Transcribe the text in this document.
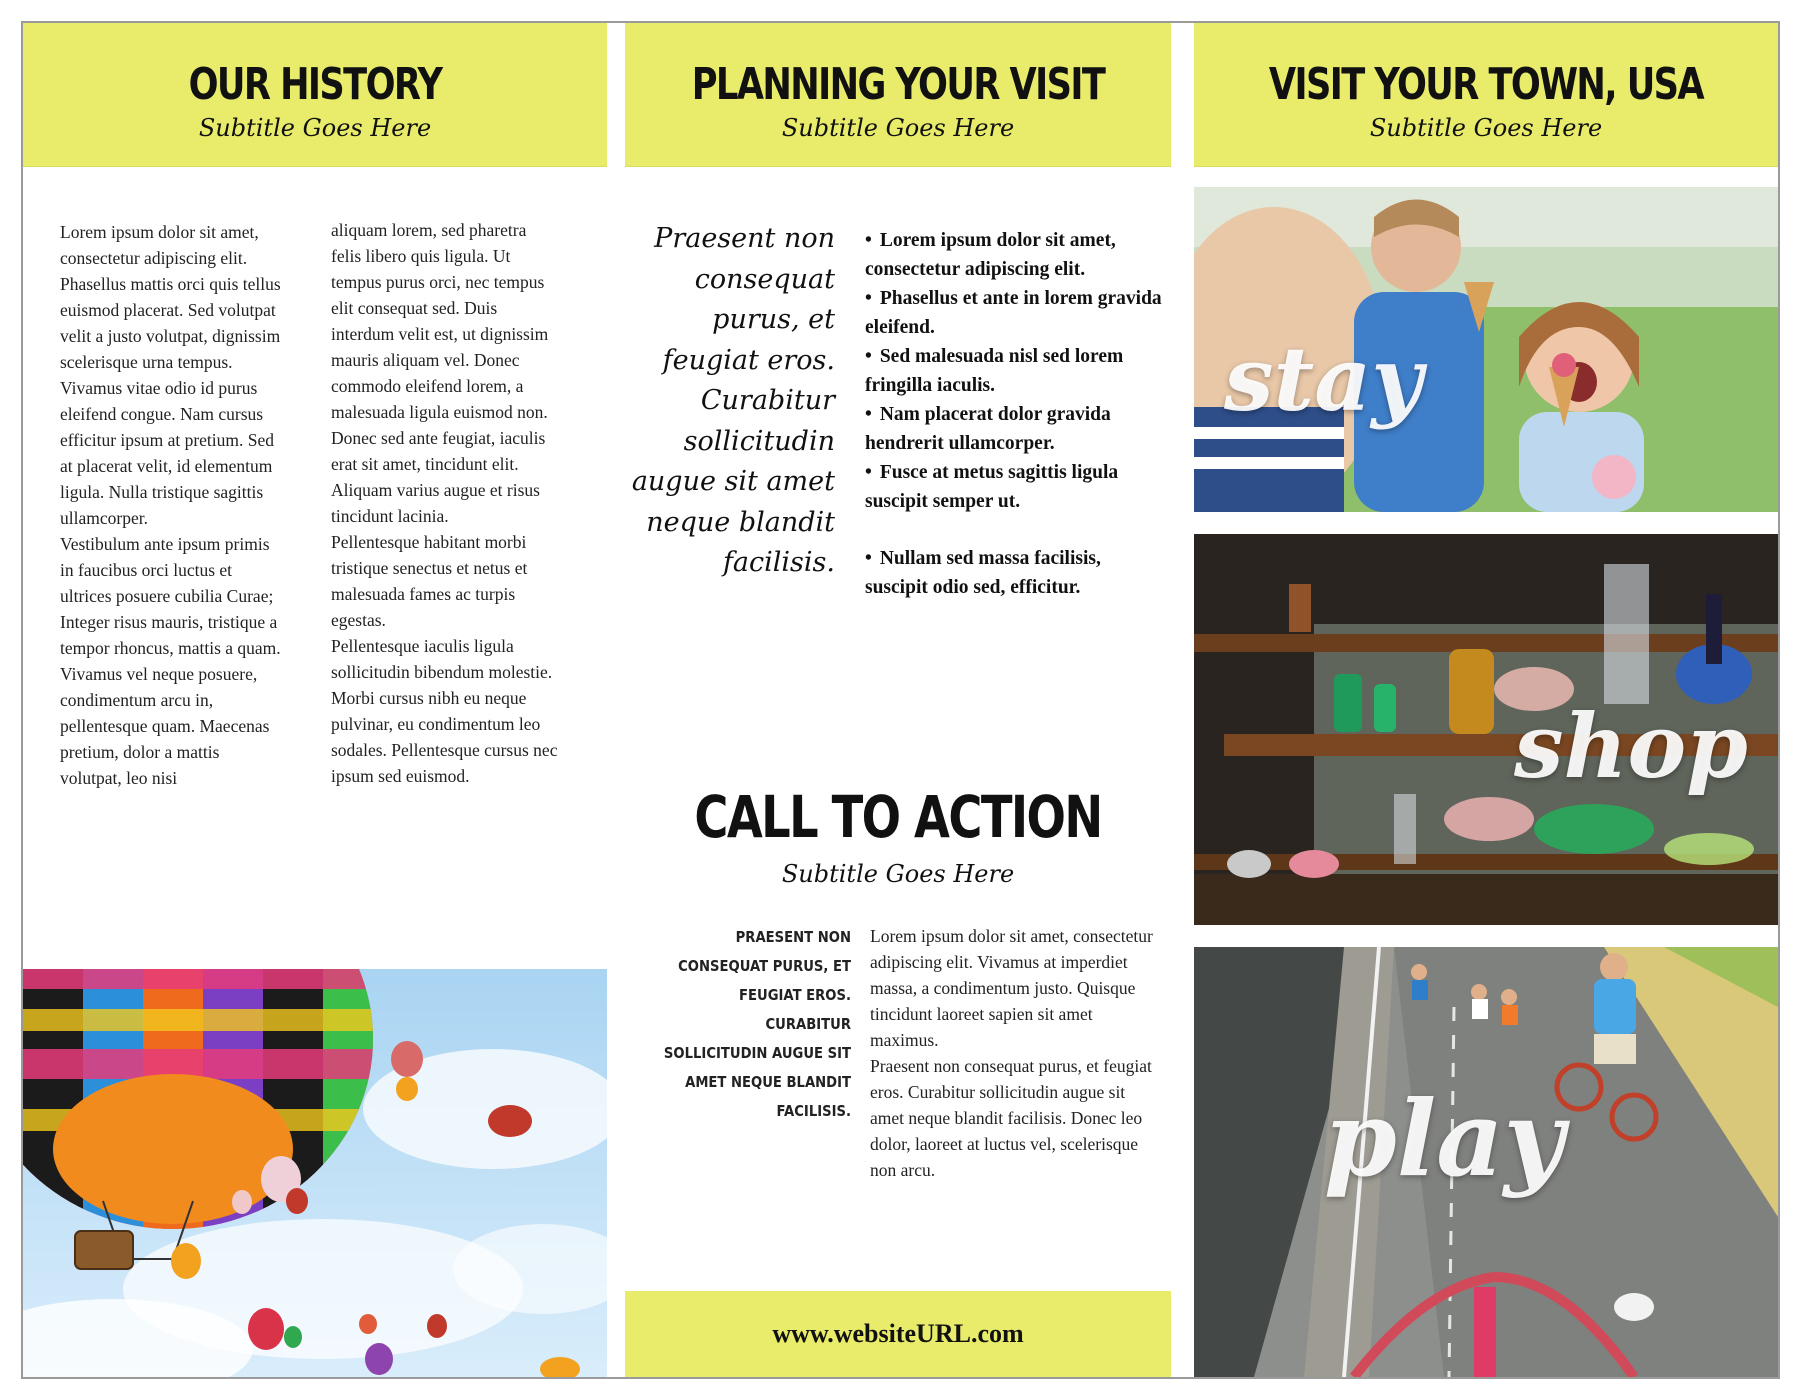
OUR HISTORY
Subtitle Goes Here

Lorem ipsum dolor sit amet, consectetur adipiscing elit. Phasellus mattis orci quis tellus euismod placerat. Sed volutpat velit a justo volutpat, dignissim scelerisque urna tempus. Vivamus vitae odio id purus eleifend congue. Nam cursus efficitur ipsum at pretium. Sed at placerat velit, id elementum ligula. Nulla tristique sagittis ullamcorper.

Vestibulum ante ipsum primis in faucibus orci luctus et ultrices posuere cubilia Curae; Integer risus mauris, tristique a tempor rhoncus, mattis a quam. Vivamus vel neque posuere, condimentum arcu in, pellentesque quam. Maecenas pretium, dolor a mattis volutpat, leo nisi

aliquam lorem, sed pharetra felis libero quis ligula. Ut tempus purus orci, nec tempus elit consequat sed. Duis interdum velit est, ut dignissim mauris aliquam vel. Donec commodo eleifend lorem, a malesuada ligula euismod non. Donec sed ante feugiat, iaculis erat sit amet, tincidunt elit. Aliquam varius augue et risus tincidunt lacinia.

Pellentesque habitant morbi tristique senectus et netus et malesuada fames ac turpis egestas.

Pellentesque iaculis ligula sollicitudin bibendum molestie. Morbi cursus nibh eu neque pulvinar, eu condimentum leo sodales. Pellentesque cursus nec ipsum sed euismod.

PLANNING YOUR VISIT
Subtitle Goes Here
Praesent non consequat purus, et feugiat eros. Curabitur sollicitudin augue sit amet neque blandit facilisis.
• Lorem ipsum dolor sit amet, consectetur adipiscing elit.
• Phasellus et ante in lorem gravida eleifend.
• Sed malesuada nisl sed lorem fringilla iaculis.
• Nam placerat dolor gravida hendrerit ullamcorper.
• Fusce at metus sagittis ligula suscipit semper ut.
• Nullam sed massa facilisis, suscipit odio sed, efficitur.
CALL TO ACTION
Subtitle Goes Here
PRAESENT NON CONSEQUAT PURUS, ET FEUGIAT EROS. CURABITUR SOLLICITUDIN AUGUE SIT AMET NEQUE BLANDIT FACILISIS.

Lorem ipsum dolor sit amet, consectetur adipiscing elit. Vivamus at imperdiet massa, a condimentum justo. Quisque tincidunt laoreet sapien sit amet maximus.

Praesent non consequat purus, et feugiat eros. Curabitur sollicitudin augue sit amet neque blandit facilisis. Donec leo dolor, laoreet at luctus vel, scelerisque non arcu.

www.websiteURL.com
VISIT YOUR TOWN, USA
Subtitle Goes Here
stay
shop
play
